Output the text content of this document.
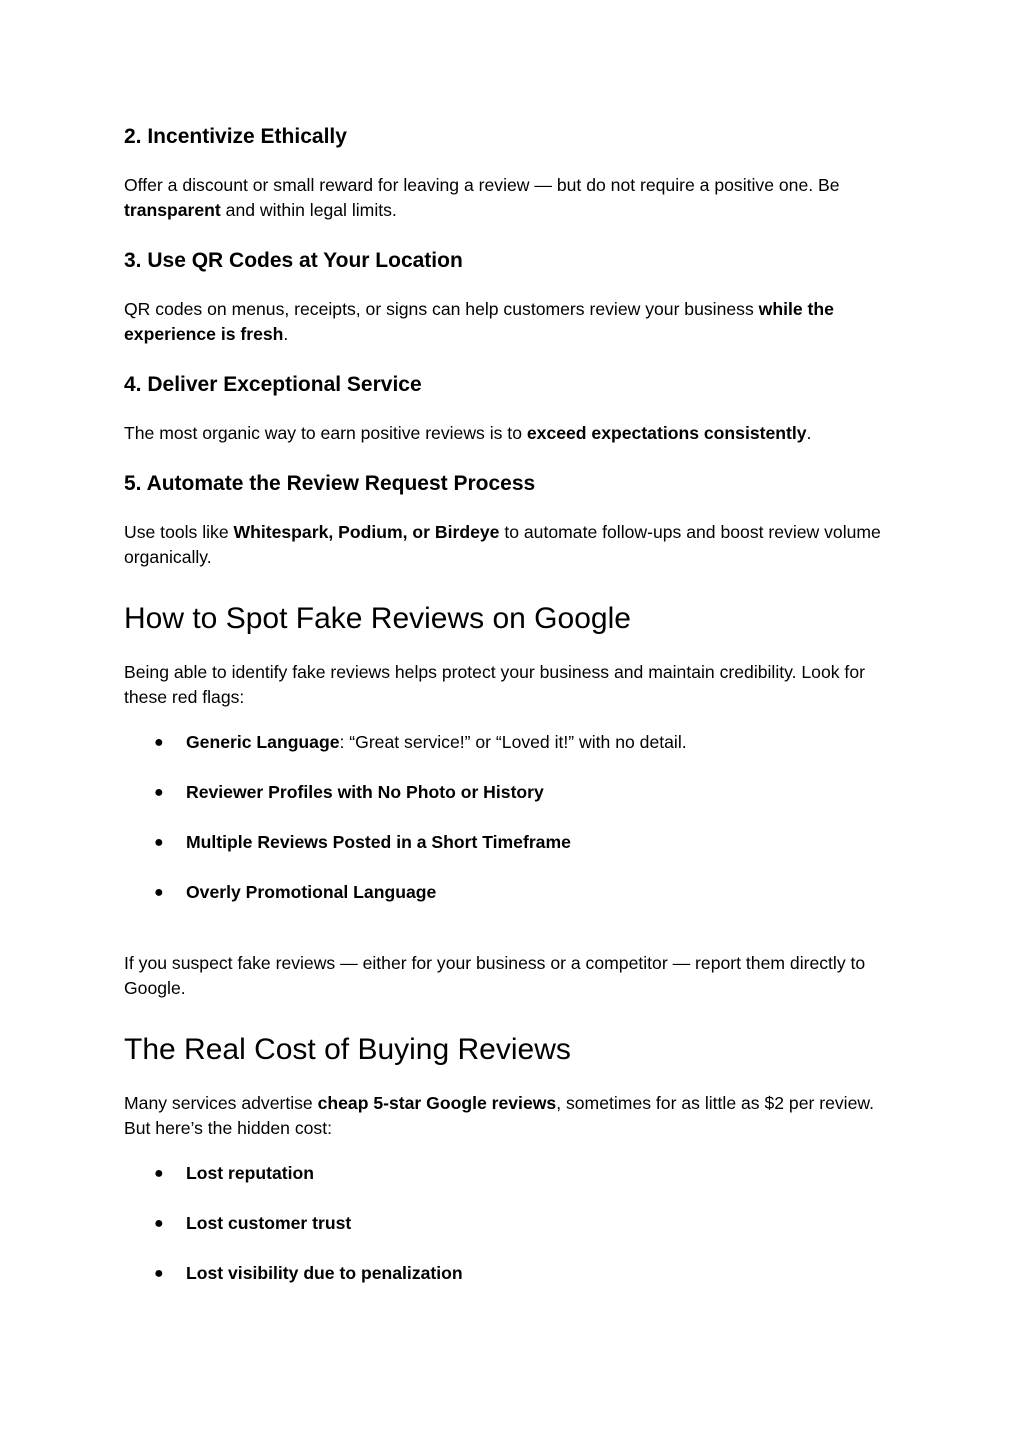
2. Incentivize Ethically

Offer a discount or small reward for leaving a review — but do not require a positive one. Be transparent and within legal limits.

3. Use QR Codes at Your Location

QR codes on menus, receipts, or signs can help customers review your business while the experience is fresh.

4. Deliver Exceptional Service

The most organic way to earn positive reviews is to exceed expectations consistently.

5. Automate the Review Request Process

Use tools like Whitespark, Podium, or Birdeye to automate follow-ups and boost review volume organically.

How to Spot Fake Reviews on Google

Being able to identify fake reviews helps protect your business and maintain credibility. Look for these red flags:

● Generic Language: “Great service!” or “Loved it!” with no detail.
● Reviewer Profiles with No Photo or History
● Multiple Reviews Posted in a Short Timeframe
● Overly Promotional Language

If you suspect fake reviews — either for your business or a competitor — report them directly to Google.

The Real Cost of Buying Reviews

Many services advertise cheap 5-star Google reviews, sometimes for as little as $2 per review. But here’s the hidden cost:

● Lost reputation
● Lost customer trust
● Lost visibility due to penalization
